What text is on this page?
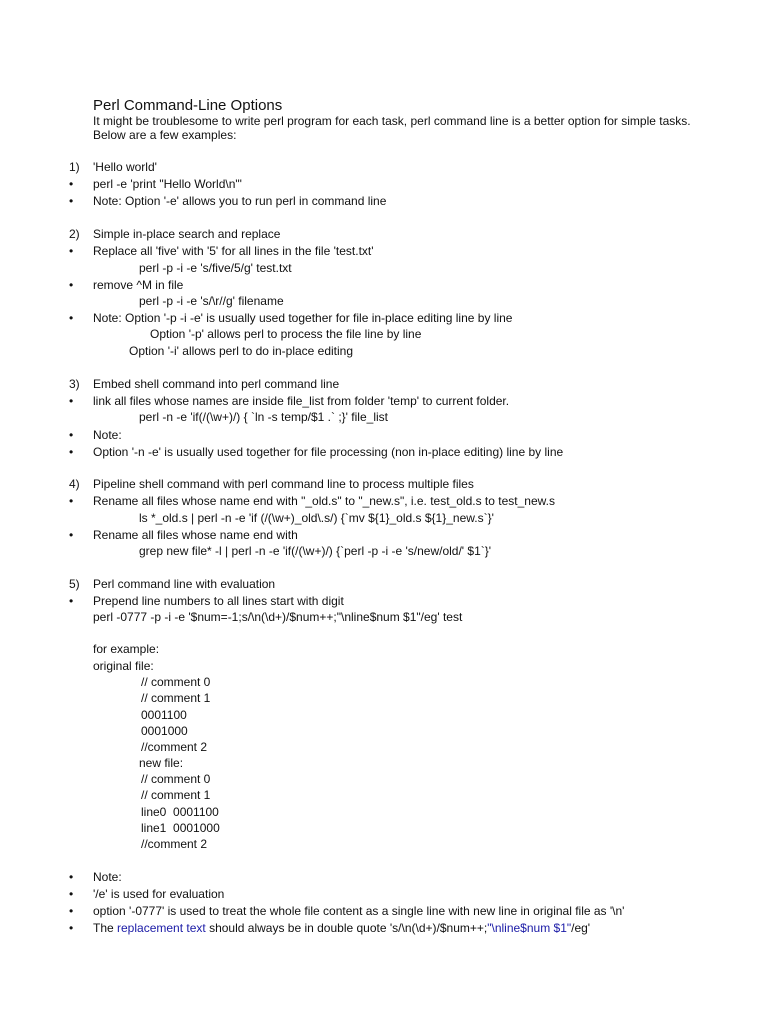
Perl Command-Line Options
It might be troublesome to write perl program for each task, perl command line is a better option for simple tasks.
Below are a few examples:
1) 'Hello world'
• perl -e 'print "Hello World\n"'
• Note: Option '-e' allows you to run perl in command line
2) Simple in-place search and replace
• Replace all 'five' with '5' for all lines in the file 'test.txt'
perl -p -i -e 's/five/5/g' test.txt
• remove ^M in file
perl -p -i -e 's/\r//g' filename
• Note: Option '-p -i -e' is usually used together for file in-place editing line by line
Option '-p' allows perl to process the file line by line
Option '-i' allows perl to do in-place editing
3) Embed shell command into perl command line
• link all files whose names are inside file_list from folder 'temp' to current folder.
perl -n -e 'if(/(\w+)/) { `ln -s temp/$1 .` ;}' file_list
• Note:
• Option '-n -e' is usually used together for file processing (non in-place editing) line by line
4) Pipeline shell command with perl command line to process multiple files
• Rename all files whose name end with "_old.s" to "_new.s", i.e. test_old.s to test_new.s
ls *_old.s | perl -n -e 'if (/(\w+)_old\.s/) {`mv ${1}_old.s ${1}_new.s`}'
• Rename all files whose name end with
grep new file* -l | perl -n -e 'if(/(\w+)/) {`perl -p -i -e 's/new/old/' $1`}'
5) Perl command line with evaluation
• Prepend line numbers to all lines start with digit
perl -0777 -p -i -e '$num=-1;s/\n(\d+)/$num++;"\nline$num $1"/eg' test
for example:
original file:
// comment 0
// comment 1
0001100
0001000
//comment 2
new file:
// comment 0
// comment 1
line0  0001100
line1  0001000
//comment 2
• Note:
• '/e' is used for evaluation
• option '-0777' is used to treat the whole file content as a single line with new line in original file as '\n'
• The replacement text should always be in double quote 's/\n(\d+)/$num++;"\nline$num $1"/eg'
